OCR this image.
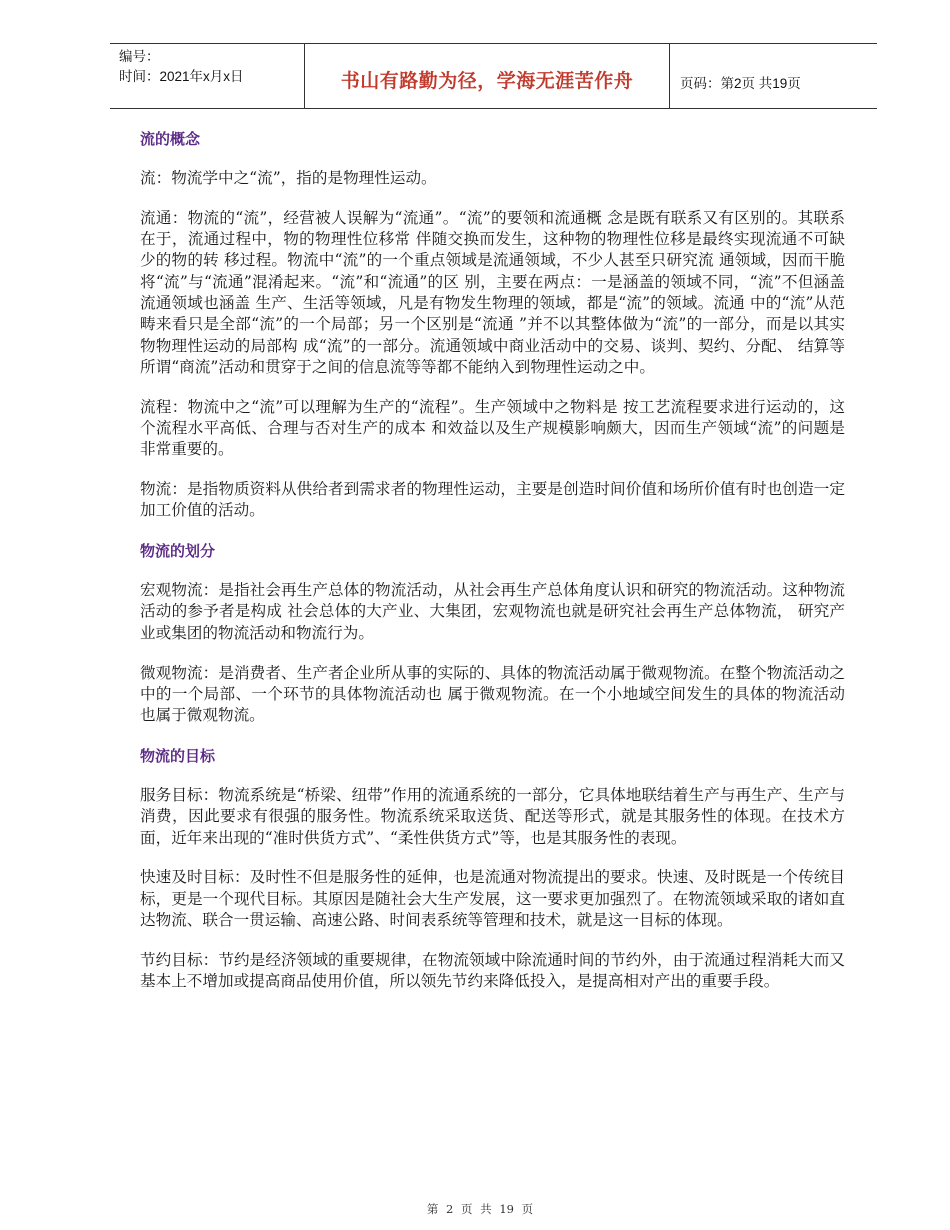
编号：
时间：2021年x月x日	书山有路勤为径，学海无涯苦作舟	页码：第2页 共19页
流的概念

流：物流学中之“流”，指的是物理性运动。

流通：物流的“流”，经营被人误解为“流通”。“流”的要领和流通概 念是既有联系又有区别的。其联系在于，流通过程中，物的物理性位移常 伴随交换而发生，这种物的物理性位移是最终实现流通不可缺少的物的转 移过程。物流中“流”的一个重点领域是流通领域，不少人甚至只研究流 通领域，因而干脆将“流”与“流通”混淆起来。“流”和“流通”的区 别，主要在两点：一是涵盖的领域不同，“流”不但涵盖流通领域也涵盖 生产、生活等领域，凡是有物发生物理的领域，都是“流”的领域。流通 中的“流”从范畴来看只是全部“流”的一个局部；另一个区别是“流通 ”并不以其整体做为“流”的一部分，而是以其实物物理性运动的局部构 成“流”的一部分。流通领域中商业活动中的交易、谈判、契约、分配、 结算等所谓“商流”活动和贯穿于之间的信息流等等都不能纳入到物理性运动之中。

流程：物流中之“流”可以理解为生产的“流程”。生产领域中之物料是 按工艺流程要求进行运动的，这个流程水平高低、合理与否对生产的成本 和效益以及生产规模影响颇大，因而生产领域“流”的问题是非常重要的。

物流：是指物质资料从供给者到需求者的物理性运动，主要是创造时间价值和场所价值有时也创造一定加工价值的活动。

物流的划分

宏观物流：是指社会再生产总体的物流活动，从社会再生产总体角度认识和研究的物流活动。这种物流活动的参予者是构成 社会总体的大产业、大集团，宏观物流也就是研究社会再生产总体物流， 研究产业或集团的物流活动和物流行为。

微观物流：是消费者、生产者企业所从事的实际的、具体的物流活动属于微观物流。在整个物流活动之中的一个局部、一个环节的具体物流活动也 属于微观物流。在一个小地域空间发生的具体的物流活动也属于微观物流。

物流的目标

服务目标：物流系统是“桥梁、纽带”作用的流通系统的一部分，它具体地联结着生产与再生产、生产与消费，因此要求有很强的服务性。物流系统采取送货、配送等形式，就是其服务性的体现。在技术方面，近年来出现的“准时供货方式”、“柔性供货方式”等，也是其服务性的表现。

快速及时目标：及时性不但是服务性的延伸，也是流通对物流提出的要求。快速、及时既是一个传统目标，更是一个现代目标。其原因是随社会大生产发展，这一要求更加强烈了。在物流领域采取的诸如直达物流、联合一贯运输、高速公路、时间表系统等管理和技术，就是这一目标的体现。

节约目标：节约是经济领域的重要规律，在物流领域中除流通时间的节约外，由于流通过程消耗大而又基本上不增加或提高商品使用价值，所以领先节约来降低投入，是提高相对产出的重要手段。

第 2 页 共 19 页
